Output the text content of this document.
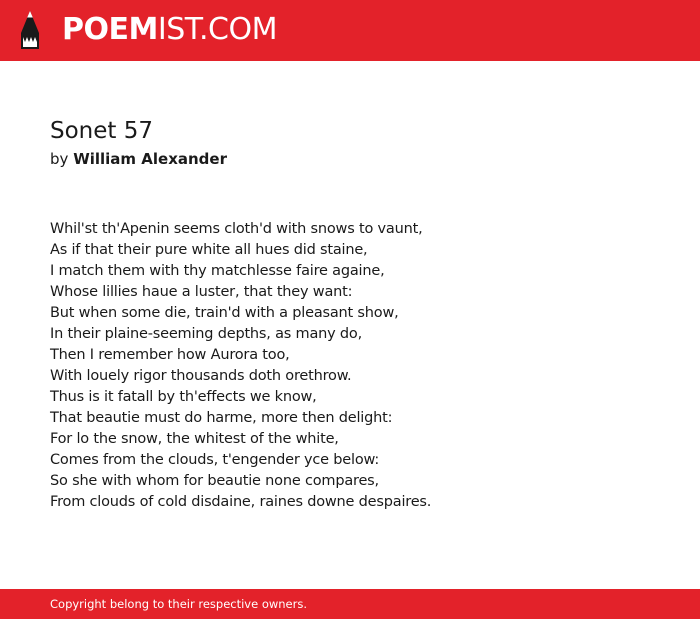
POEMIST.COM
Sonet 57
by William Alexander
Whil'st th'Apenin seems cloth'd with snows to vaunt,
As if that their pure white all hues did staine,
I match them with thy matchlesse faire againe,
Whose lillies haue a luster, that they want:
But when some die, train'd with a pleasant show,
In their plaine-seeming depths, as many do,
Then I remember how Aurora too,
With louely rigor thousands doth orethrow.
Thus is it fatall by th'effects we know,
That beautie must do harme, more then delight:
For lo the snow, the whitest of the white,
Comes from the clouds, t'engender yce below:
So she with whom for beautie none compares,
From clouds of cold disdaine, raines downe despaires.
Copyright belong to their respective owners.
